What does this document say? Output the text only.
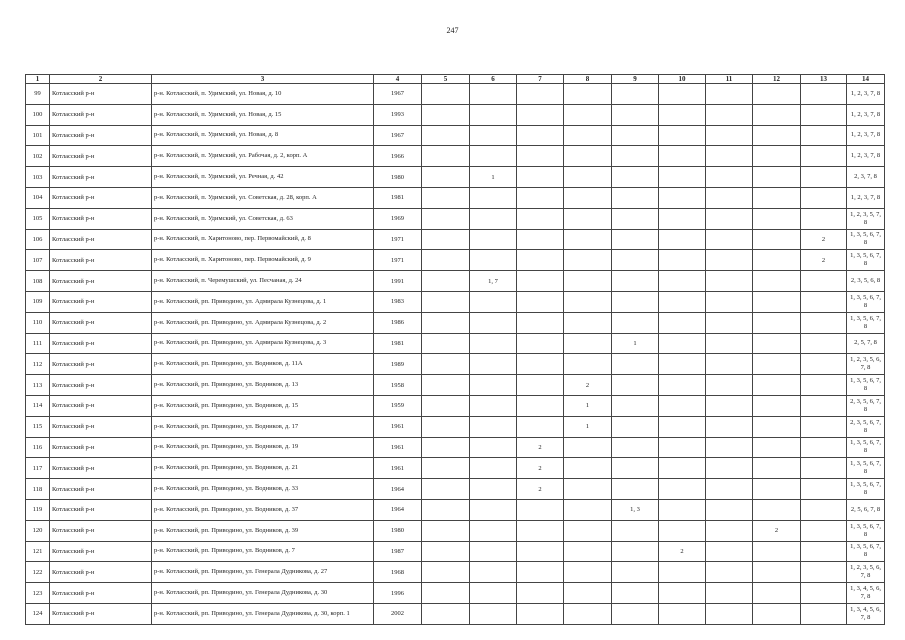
247
1	2	3	4	5	6	7	8	9	10	11	12	13	14
99	Котласский р-н	р-н. Котласский, п. Удимский, ул. Новая, д. 10	1967										1, 2, 3, 7, 8
100	Котласский р-н	р-н. Котласский, п. Удимский, ул. Новая, д. 15	1993										1, 2, 3, 7, 8
101	Котласский р-н	р-н. Котласский, п. Удимский, ул. Новая, д. 8	1967										1, 2, 3, 7, 8
102	Котласский р-н	р-н. Котласский, п. Удимский, ул. Рабочая, д. 2, корп. А	1966										1, 2, 3, 7, 8
103	Котласский р-н	р-н. Котласский, п. Удимский, ул. Речная, д. 42	1980		1								2, 3, 7, 8
104	Котласский р-н	р-н. Котласский, п. Удимский, ул. Советская, д. 28, корп. А	1981										1, 2, 3, 7, 8
105	Котласский р-н	р-н. Котласский, п. Удимский, ул. Советская, д. 63	1969										1, 2, 3, 5, 7, 8
106	Котласский р-н	р-н. Котласский, п. Харитоново, пер. Первомайский, д. 8	1971									2	1, 3, 5, 6, 7, 8
107	Котласский р-н	р-н. Котласский, п. Харитоново, пер. Первомайский, д. 9	1971									2	1, 3, 5, 6, 7, 8
108	Котласский р-н	р-н. Котласский, п. Черемушский, ул. Песчаная, д. 24	1991		1, 7								2, 3, 5, 6, 8
109	Котласский р-н	р-н. Котласский, рп. Приводино, ул. Адмирала Кузнецова, д. 1	1983										1, 3, 5, 6, 7, 8
110	Котласский р-н	р-н. Котласский, рп. Приводино, ул. Адмирала Кузнецова, д. 2	1986										1, 3, 5, 6, 7, 8
111	Котласский р-н	р-н. Котласский, рп. Приводино, ул. Адмирала Кузнецова, д. 3	1981					1					2, 5, 7, 8
112	Котласский р-н	р-н. Котласский, рп. Приводино, ул. Водников, д. 11А	1989										1, 2, 3, 5, 6, 7, 8
113	Котласский р-н	р-н. Котласский, рп. Приводино, ул. Водников, д. 13	1958				2						1, 3, 5, 6, 7, 8
114	Котласский р-н	р-н. Котласский, рп. Приводино, ул. Водников, д. 15	1959				1						2, 3, 5, 6, 7, 8
115	Котласский р-н	р-н. Котласский, рп. Приводино, ул. Водников, д. 17	1961				1						2, 3, 5, 6, 7, 8
116	Котласский р-н	р-н. Котласский, рп. Приводино, ул. Водников, д. 19	1961			2							1, 3, 5, 6, 7, 8
117	Котласский р-н	р-н. Котласский, рп. Приводино, ул. Водников, д. 21	1961			2							1, 3, 5, 6, 7, 8
118	Котласский р-н	р-н. Котласский, рп. Приводино, ул. Водников, д. 33	1964			2							1, 3, 5, 6, 7, 8
119	Котласский р-н	р-н. Котласский, рп. Приводино, ул. Водников, д. 37	1964					1, 3					2, 5, 6, 7, 8
120	Котласский р-н	р-н. Котласский, рп. Приводино, ул. Водников, д. 39	1980								2		1, 3, 5, 6, 7, 8
121	Котласский р-н	р-н. Котласский, рп. Приводино, ул. Водников, д. 7	1987						2				1, 3, 5, 6, 7, 8
122	Котласский р-н	р-н. Котласский, рп. Приводино, ул. Генерала Дудникова, д. 27	1968										1, 2, 3, 5, 6, 7, 8
123	Котласский р-н	р-н. Котласский, рп. Приводино, ул. Генерала Дудникова, д. 30	1996										1, 3, 4, 5, 6, 7, 8
124	Котласский р-н	р-н. Котласский, рп. Приводино, ул. Генерала Дудникова, д. 30, корп. 1	2002										1, 3, 4, 5, 6, 7, 8
